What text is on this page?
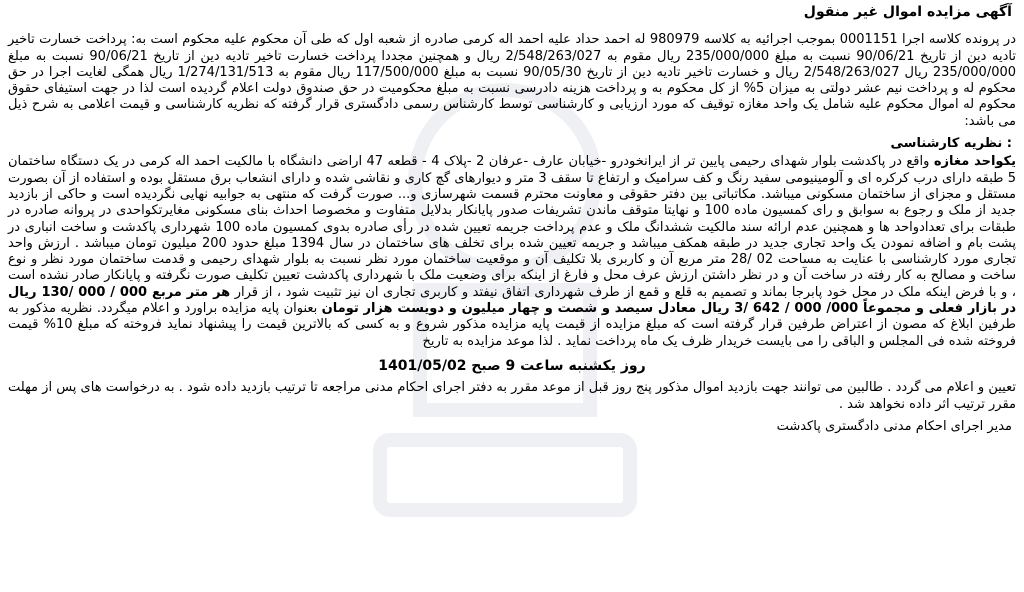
آگهی مزایده اموال غیر منقول

در پرونده کلاسه اجرا 0001151 بموجب اجرائیه به کلاسه 980979 له احمد حداد علیه احمد اله کرمی صادره از شعبه اول که طی آن محکوم علیه محکوم است به: پرداخت خسارت تاخیر تادیه دین از تاریخ 90/06/21 نسبت به مبلغ 235/000/000 ریال مقوم به 2/548/263/027 ریال و همچنین مجددا پرداخت خسارت تاخیر تادیه دین از تاریخ 90/06/21 نسبت به مبلغ 235/000/000 ریال 2/548/263/027 ریال و خسارت تاخیر تادیه دین از تاریخ 90/05/30 نسبت به مبلغ 117/500/000 ریال مقوم به 1/274/131/513 ریال همگی لغایت اجرا در حق محکوم له و پرداخت نیم عشر دولتی به میزان 5% از کل محکوم به و پرداخت هزینه دادرسی نسبت به مبلغ محکومیت در حق صندوق دولت اعلام گردیده است لذا در جهت استیفای حقوق محکوم له اموال محکوم علیه شامل یک واحد مغازه توقیف که مورد ارزیابی و کارشناسی توسط کارشناس رسمی دادگستری قرار گرفته که نظریه کارشناسی و قیمت اعلامی به شرح ذیل می باشد:

: نظریه کارشناسی

یکواحد مغازه واقع در پاکدشت بلوار شهدای رحیمی پایین تر از ایرانخودرو -خیابان عارف -عرفان 2 -پلاک 4 - قطعه 47 اراضی دانشگاه با مالکیت احمد اله کرمی در یک دستگاه ساختمان 5 طبقه دارای درب کرکره ای و آلومینیومی سفید رنگ و کف سرامیک و ارتفاع تا سقف 3 متر و دیوارهای گچ کاری و نقاشی شده و دارای انشعاب برق مستقل بوده و استفاده از آن بصورت مستقل و مجزای از ساختمان مسکونی میباشد. مکاتباتی بین دفتر حقوقی و معاونت محترم قسمت شهرسازی و... صورت گرفت که منتهی به جوابیه نهایی نگردیده است و حاکی از بازدید جدید از ملک و رجوع به سوابق و رای کمسیون ماده 100 و نهایتا متوقف ماندن تشریفات صدور پایانکار بدلایل متفاوت و مخصوصا احداث بنای مسکونی مغایرتکواحدی در پروانه صادره در طبقات برای تعدادواحد ها و همچنین عدم ارائه سند مالکیت ششدانگ ملک و عدم پرداخت جریمه تعیین شده در رأی صادره بدوی کمسیون ماده 100 شهرداری پاکدشت و ساخت انباری در پشت بام و اضافه نمودن یک واحد تجاری جدید در طبقه همکف میباشد و جریمه تعیین شده برای تخلف های ساختمان در سال 1394 مبلغ حدود 200 میلیون تومان میباشد . ارزش واحد تجاری مورد کارشناسی با عنایت به مساحت 02 /28 متر مربع آن و کاربری بلا تکلیف آن و موقعیت ساختمان مورد نظر نسبت به بلوار شهدای رحیمی و قدمت ساختمان مورد نظر و نوع ساخت و مصالح به کار رفته در ساخت آن و در نظر داشتن ارزش عرف محل و فارغ از اینکه برای وضعیت ملک با شهرداری پاکدشت تعیین تکلیف صورت نگرفته و پایانکار صادر نشده است ، و با فرض اینکه ملک در محل خود پابرجا بماند و تصمیم به قلع و قمع از طرف شهرداری اتفاق نیفتد و کاربری تجاری ان نیز تثبیت شود ، از قرار هر متر مربع 000 / 000 /130 ریال در بازار فعلی و مجموعاً 000/ 000 / 642 /3 ریال معادل سیصد و شصت و چهار میلیون و دویست هزار تومان بعنوان پایه مزایده براورد و اعلام میگردد. نظریه مذکور به طرفین ابلاغ که مصون از اعتراض طرفین قرار گرفته است که مبلغ مزایده از قیمت پایه مزایده مذکور شروع و به کسی که بالاترین قیمت را پیشنهاد نماید فروخته که مبلغ 10% قیمت فروخته شده فی المجلس و الباقی را می بایست خریدار ظرف یک ماه پرداخت نماید . لذا موعد مزایده به تاریخ

روز یکشنبه ساعت 9 صبح 1401/05/02

تعیین و اعلام می گردد . طالبین می توانند جهت بازدید اموال مذکور پنج روز قبل از موعد مقرر به دفتر اجرای احکام مدنی مراجعه تا ترتیب بازدید داده شود . به درخواست های پس از مهلت مقرر ترتیب اثر داده نخواهد شد .

مدیر اجرای احکام مدنی دادگستری پاکدشت
